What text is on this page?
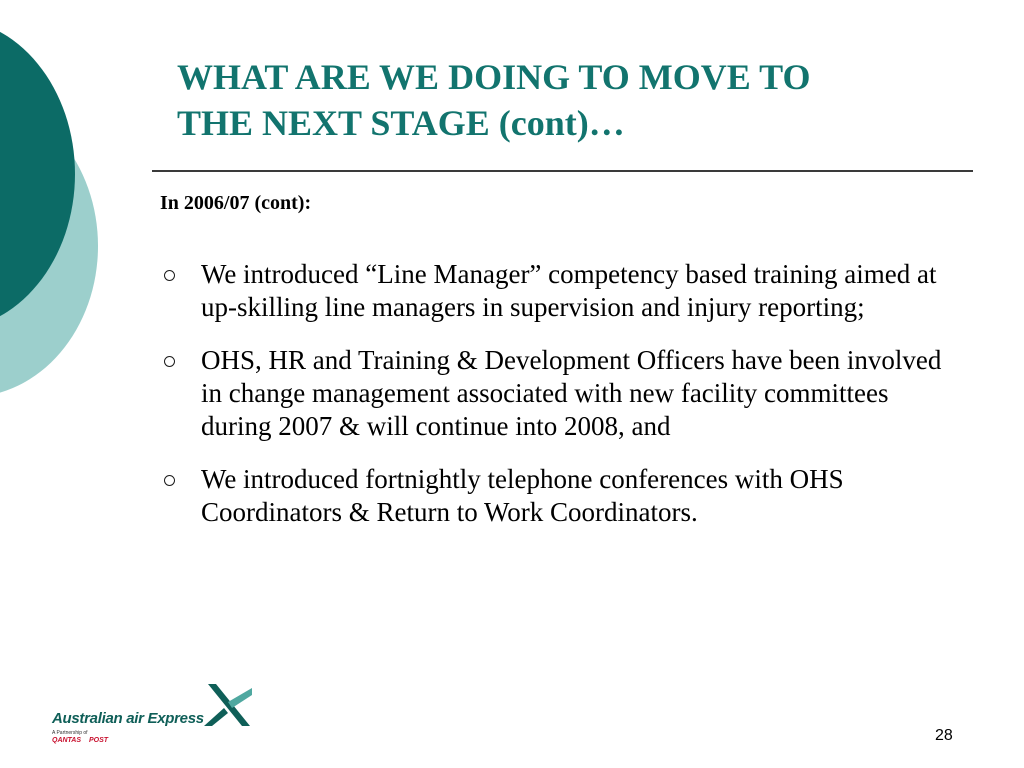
WHAT ARE WE DOING TO MOVE TO
THE NEXT STAGE (cont)…
In 2006/07 (cont):
We introduced “Line Manager” competency based training aimed at up-skilling line managers in supervision and injury reporting;
OHS, HR and Training & Development Officers have been involved in change management associated with new facility committees during 2007 & will continue into 2008, and
We introduced fortnightly telephone conferences with OHS Coordinators & Return to Work Coordinators.
Australian air Express
A Partnership of
QANTAS POST	28
